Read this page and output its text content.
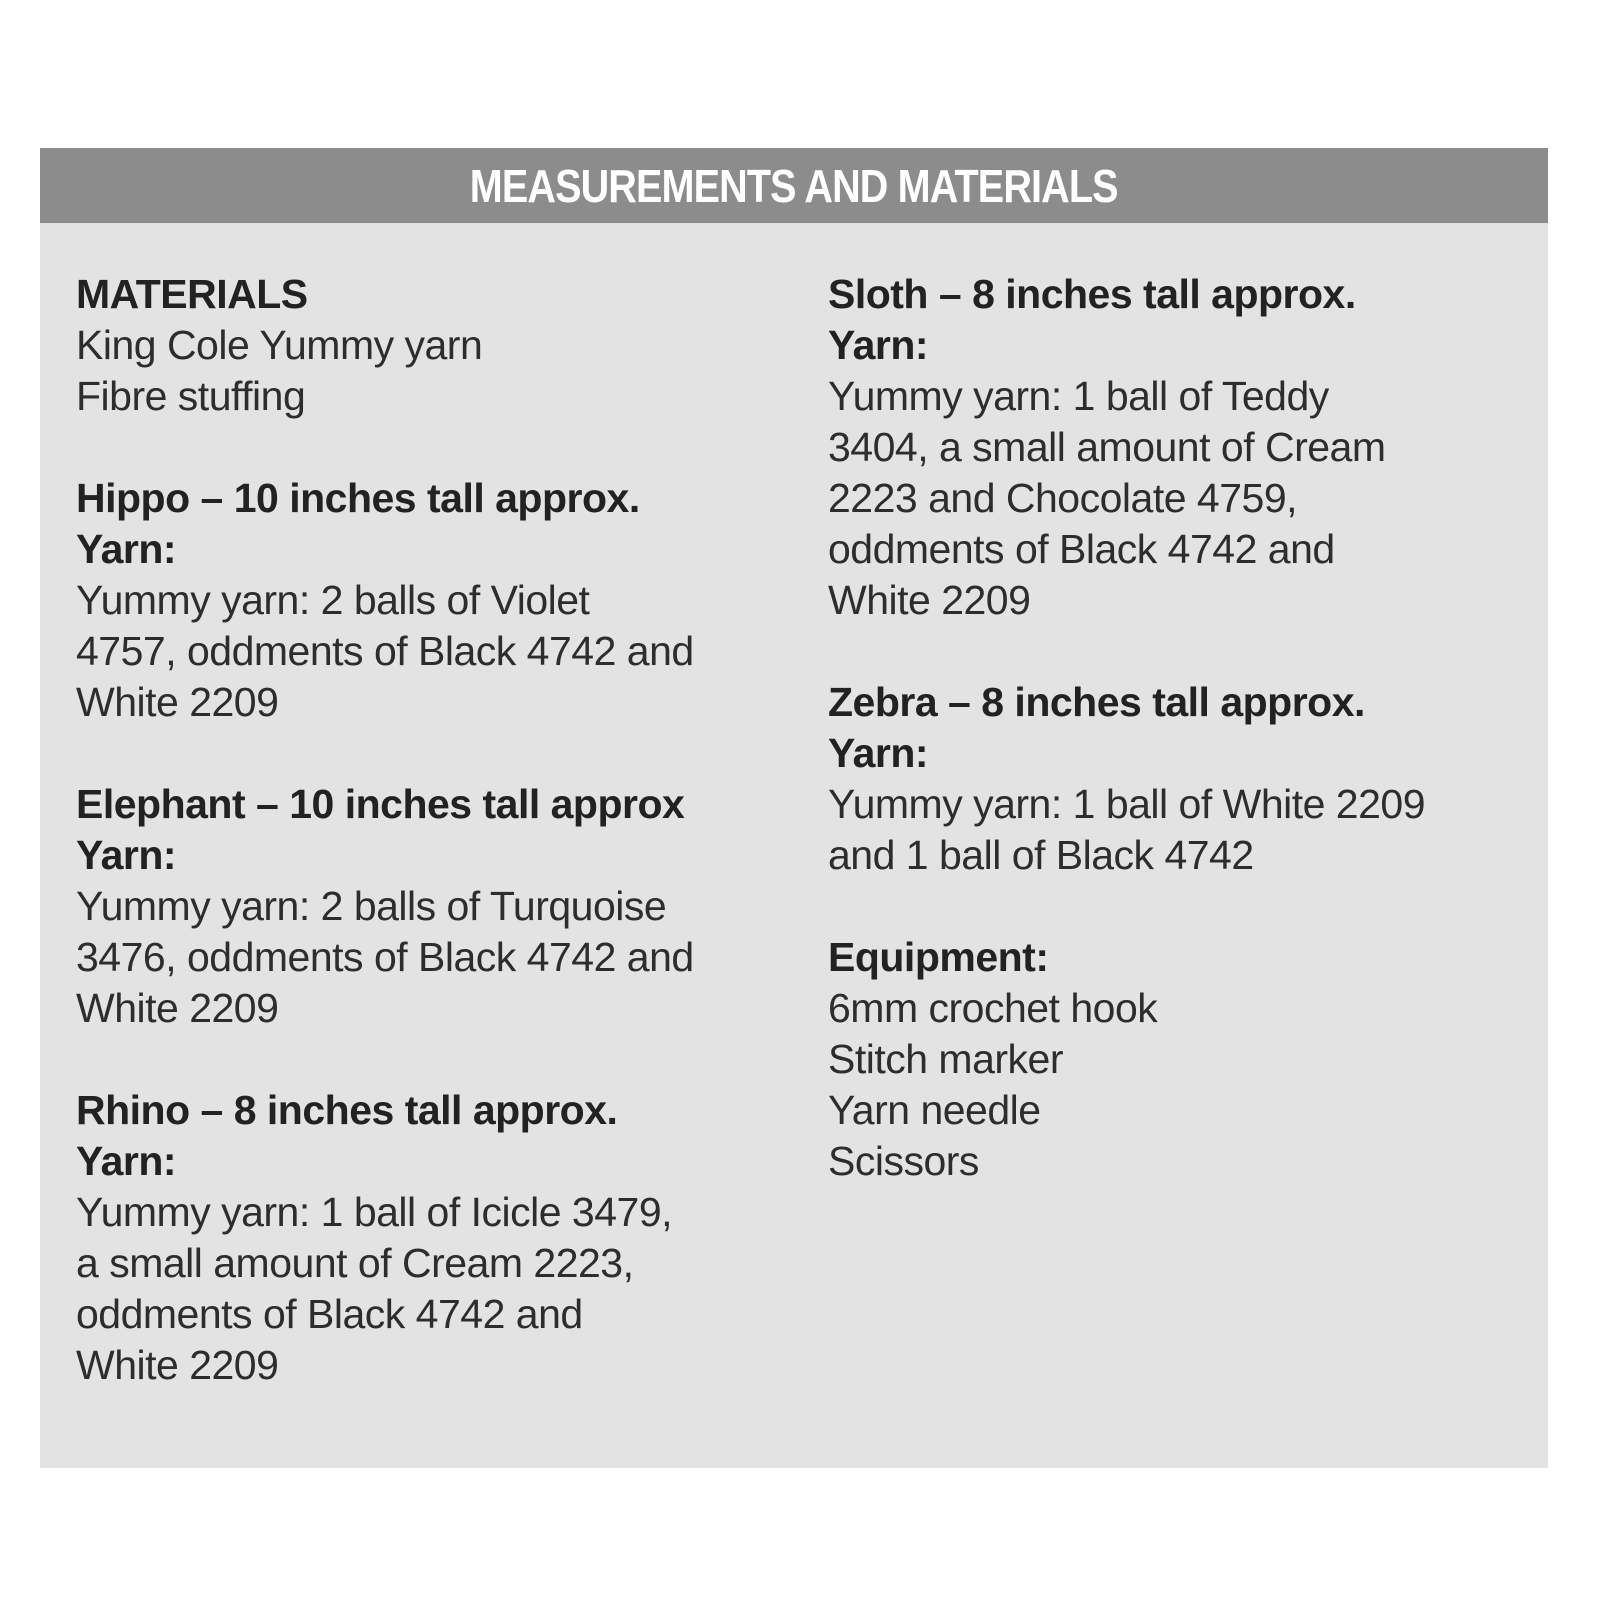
MEASUREMENTS AND MATERIALS
MATERIALS
King Cole Yummy yarn
Fibre stuffing
Hippo – 10 inches tall approx.
Yarn:
Yummy yarn: 2 balls of Violet
4757, oddments of Black 4742 and
White 2209
Elephant – 10 inches tall approx
Yarn:
Yummy yarn: 2 balls of Turquoise
3476, oddments of Black 4742 and
White 2209
Rhino – 8 inches tall approx.
Yarn:
Yummy yarn: 1 ball of Icicle 3479,
a small amount of Cream 2223,
oddments of Black 4742 and
White 2209
Sloth – 8 inches tall approx.
Yarn:
Yummy yarn: 1 ball of Teddy
3404, a small amount of Cream
2223 and Chocolate 4759,
oddments of Black 4742 and
White 2209
Zebra – 8 inches tall approx.
Yarn:
Yummy yarn: 1 ball of White 2209
and 1 ball of Black 4742
Equipment:
6mm crochet hook
Stitch marker
Yarn needle
Scissors
